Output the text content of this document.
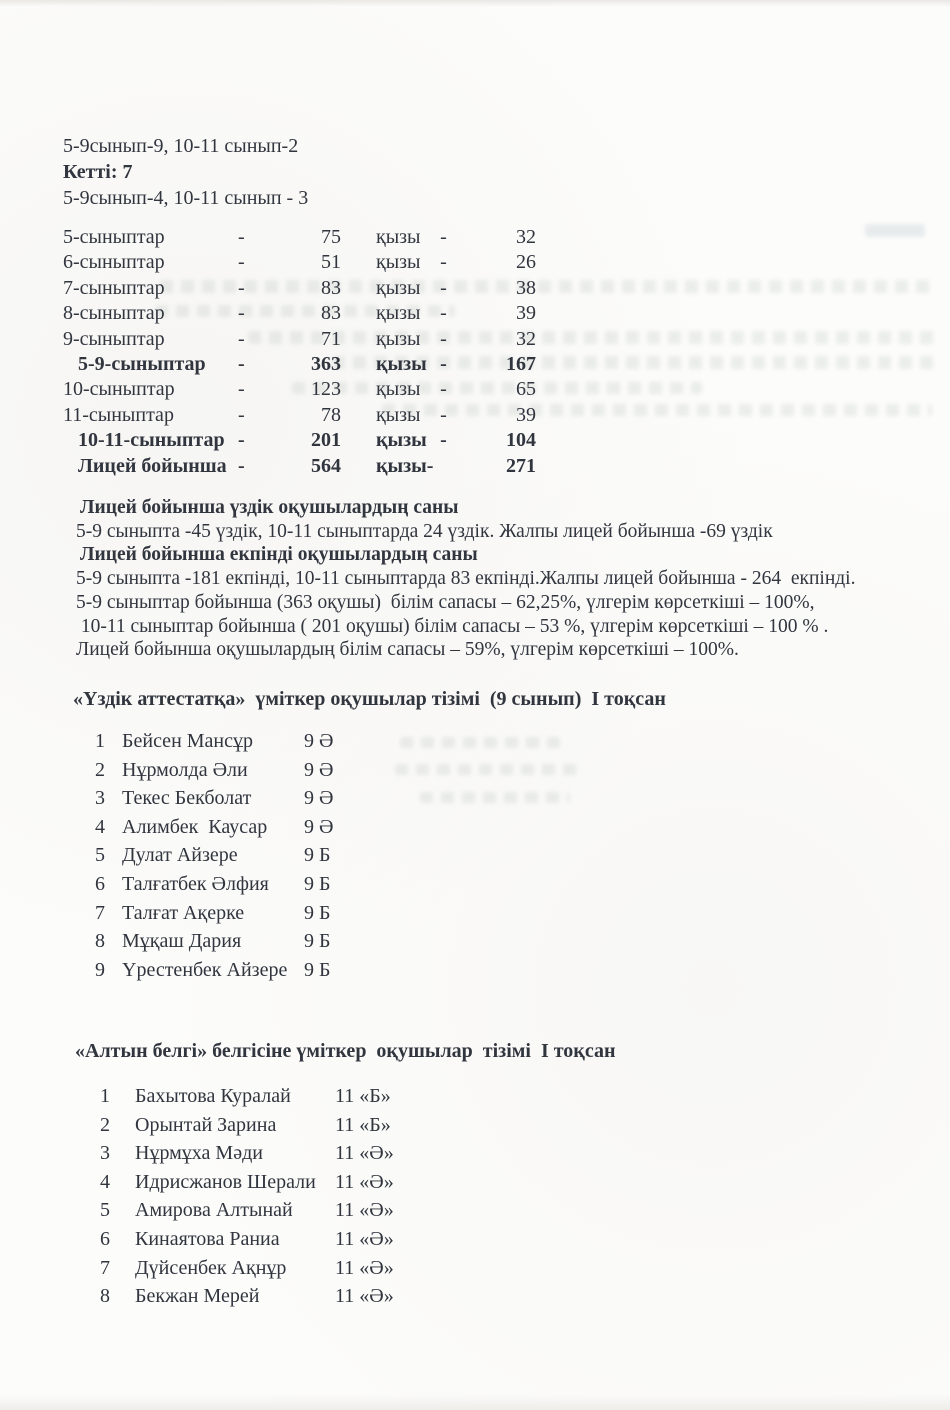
5-9сынып-9, 10-11 сынып-2
Кетті: 7
5-9сынып-4, 10-11 сынып - 3
5-сыныптар	-	75	қызы -	32
6-сыныптар	-	51	қызы -	26
7-сыныптар	-	83	қызы -	38
8-сыныптар	-	83	қызы -	39
9-сыныптар	-	71	қызы -	32
5-9-сыныптар	-	363	қызы -	167
10-сыныптар	-	123	қызы -	65
11-сыныптар	-	78	қызы -	39
10-11-сыныптар -	201	қызы -	104
Лицей бойынша -	564	қызы-	271
Лицей бойынша үздік оқушылардың саны
5-9 сыныпта -45 үздік, 10-11 сыныптарда 24 үздік. Жалпы лицей бойынша -69 үздік
Лицей бойынша екпінді оқушылардың саны
5-9 сыныпта -181 екпінді, 10-11 сыныптарда 83 екпінді.Жалпы лицей бойынша - 264  екпінді.
5-9 сыныптар бойынша (363 оқушы)  білім сапасы – 62,25%, үлгерім көрсеткіші – 100%,
10-11 сыныптар бойынша ( 201 оқушы) білім сапасы – 53 %, үлгерім көрсеткіші – 100 % .
Лицей бойынша оқушылардың білім сапасы – 59%, үлгерім көрсеткіші – 100%.
«Үздік аттестатқа»  үміткер оқушылар тізімі  (9 сынып)  I тоқсан
1 Бейсен Мансұр	9 Ә
2 Нұрмолда Әли	9 Ә
3 Текес Бекболат	9 Ә
4 Алимбек  Каусар	9 Ә
5 Дулат Айзере	9 Б
6 Талғатбек Әлфия	9 Б
7 Талғат Ақерке	9 Б
8 Мұқаш Дария	9 Б
9 Үрестенбек Айзере 9 Б
«Алтын белгі» белгісіне үміткер  оқушылар  тізімі  I тоқсан
1	Бахытова Куралай	11 «Б»
2	Орынтай Зарина	11 «Б»
3	Нұрмұха Мәди	11 «Ә»
4	Идрисжанов Шерали 11 «Ә»
5	Амирова Алтынай	11 «Ә»
6	Кинаятова Раниа	11 «Ә»
7	Дүйсенбек Ақнұр	11 «Ә»
8	Бекжан Мерей	11 «Ә»
